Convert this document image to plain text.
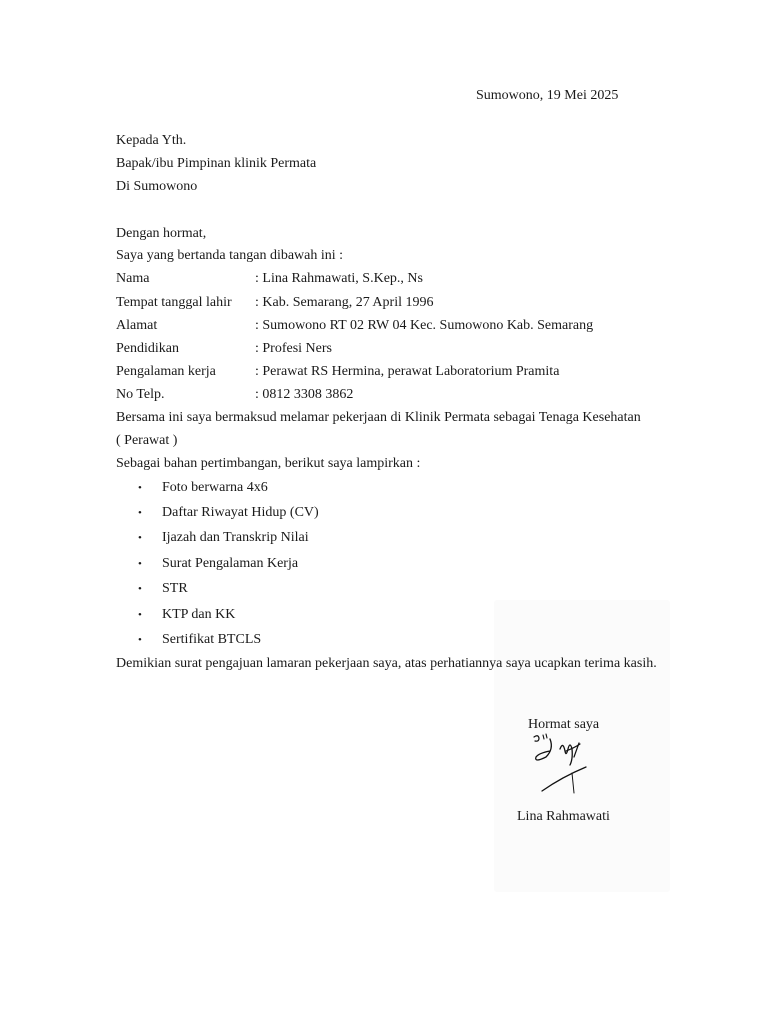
Sumowono, 19 Mei 2025
Kepada Yth.
Bapak/ibu Pimpinan klinik Permata
Di Sumowono
Dengan hormat,
Saya yang bertanda tangan dibawah ini :
Nama	: Lina Rahmawati, S.Kep., Ns
Tempat tanggal lahir : Kab. Semarang, 27 April 1996
Alamat	: Sumowono RT 02 RW 04 Kec. Sumowono Kab. Semarang
Pendidikan	: Profesi Ners
Pengalaman kerja	: Perawat RS Hermina, perawat Laboratorium Pramita
No Telp.	: 0812 3308 3862
Bersama ini saya bermaksud melamar pekerjaan di Klinik Permata sebagai Tenaga Kesehatan
( Perawat )
Sebagai bahan pertimbangan, berikut saya lampirkan :
• Foto berwarna 4x6
• Daftar Riwayat Hidup (CV)
• Ijazah dan Transkrip Nilai
• Surat Pengalaman Kerja
• STR
• KTP dan KK
• Sertifikat BTCLS
Demikian surat pengajuan lamaran pekerjaan saya, atas perhatiannya saya ucapkan terima kasih.
Hormat saya
Lina Rahmawati
